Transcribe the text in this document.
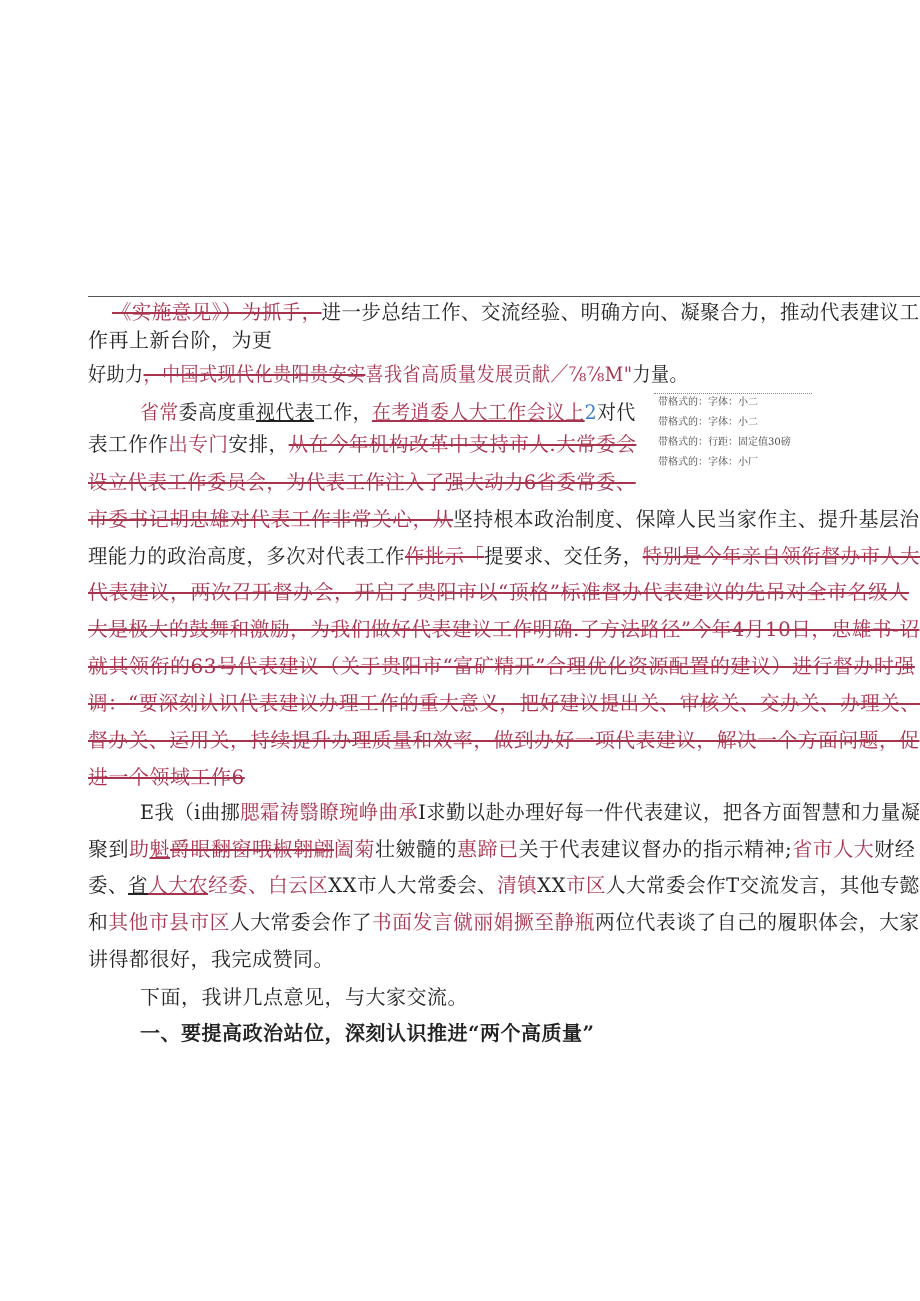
《实施意见》）为抓手，进一步总结工作、交流经验、明确方向、凝聚合力，推动代表建议工
作再上新台阶，为更
好助力，中国式现代化贵阳贵安实喜我省高质量发展贡献／⅞⅞M"力量。
省常委高度重视代表工作，在考逍委人大工作会议上2对代
表工作作出专门安排，从在今年机构改革中支持市人.大常委会
设立代表工作委员会，为代表工作注入了强大动力6省委常委、
市委书记胡忠雄对代表工作非常关心，从坚持根本政治制度、保障人民当家作主、提升基层治
理能力的政治高度，多次对代表工作作批示「提要求、交任务，特别是今年亲自领衔督办市人大
代表建议，两次召开督办会，开启了贵阳市以“顶格”标准督办代表建议的先吊对全市名级人
大是极大的鼓舞和激励，为我们做好代表建议工作明确.了方法路径”今年4月10日，忠雄书-诏
就其领衔的63号代表建议（关于贵阳市“富矿精开”合理优化资源配置的建议）进行督办时强
调：“要深刻认识代表建议办理工作的重大意义，把好建议提出关、审核关、交办关、办理关、
督办关、运用关，持续提升办理质量和效率，做到办好一项代表建议，解决一个方面问题，促
进一个领域工作6
E我（i曲挪腮霜祷翳瞭琬峥曲承I求勤以赴办理好每一件代表建议，把各方面智慧和力量凝
聚到助魁爵眼翻窗哦椒翱翩阖菊壮皴髓的惠蹄已关于代表建议督办的指示精神;省市人大财经
委、省人大农经委、白云区XX市人大常委会、清镇XX市区人大常委会作T交流发言，其他专懿
和其他市县市区人大常委会作了书面发言僦丽娟撅至静瓶两位代表谈了自己的履职体会，大家
讲得都很好，我完成赞同。
下面，我讲几点意见，与大家交流。
一、要提高政治站位，深刻认识推进“两个高质量”
带格式的：字体：小二
带格式的：字体：小二
带格式的：行距：固定值30磅
带格式的：字体：小厂
